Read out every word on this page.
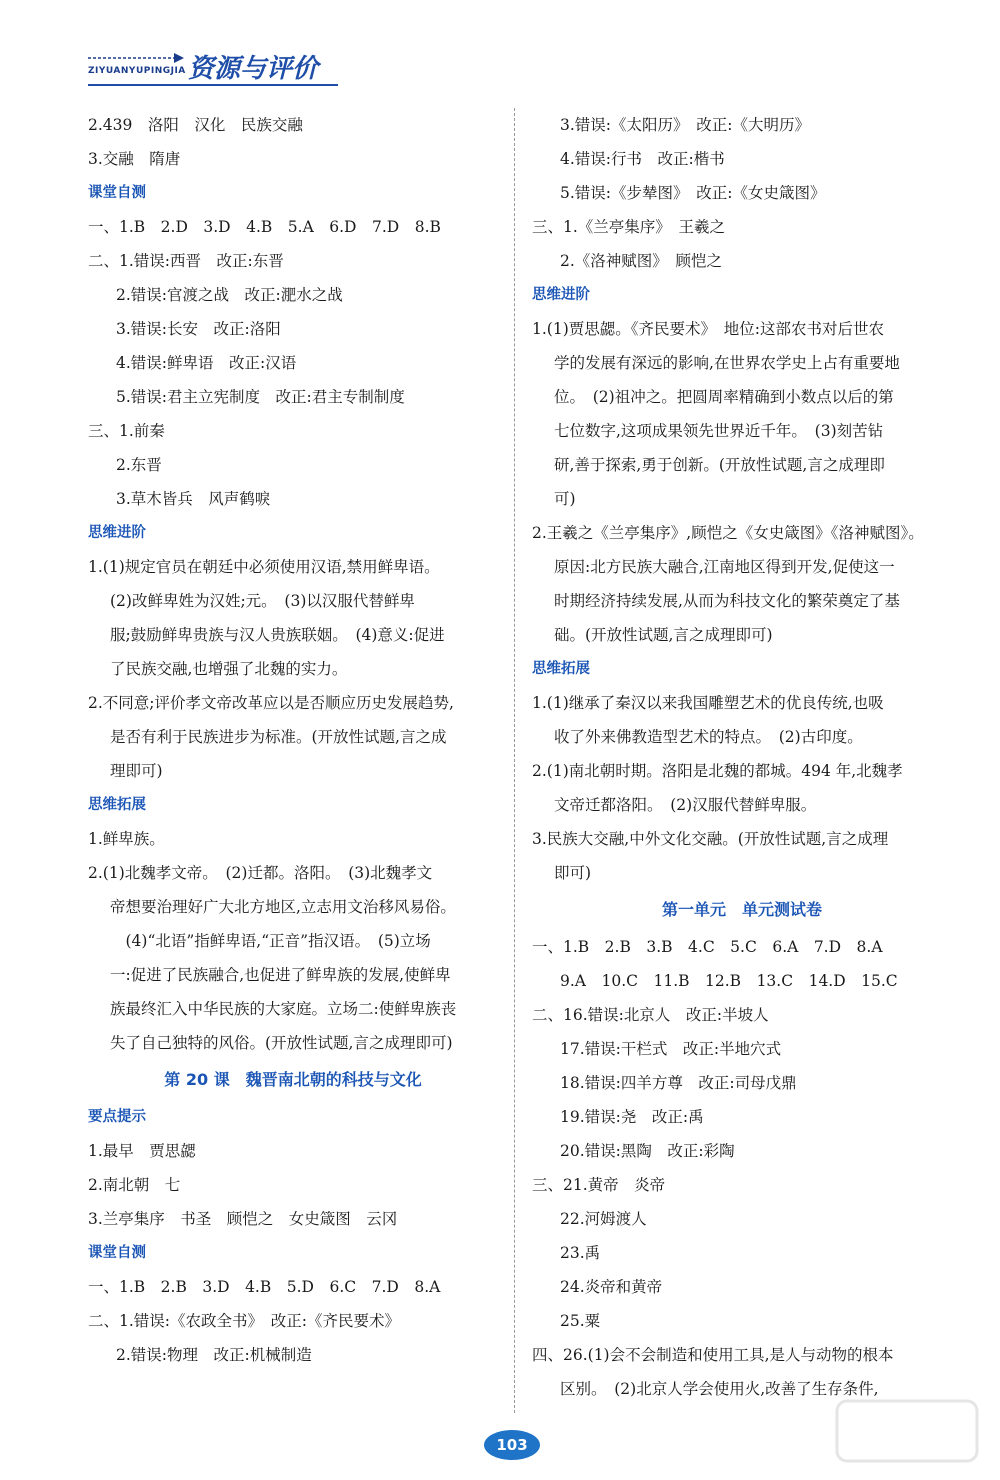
ZIYUANYUPINGJIA 资源与评价
2.439　洛阳　汉化　民族交融
3.交融　隋唐
课堂自测
一、1.B　2.D　3.D　4.B　5.A　6.D　7.D　8.B
二、1.错误:西晋　改正:东晋
2.错误:官渡之战　改正:淝水之战
3.错误:长安　改正:洛阳
4.错误:鲜卑语　改正:汉语
5.错误:君主立宪制度　改正:君主专制制度
三、1.前秦
2.东晋
3.草木皆兵　风声鹤唳
思维进阶
1.(1)规定官员在朝廷中必须使用汉语,禁用鲜卑语。
(2)改鲜卑姓为汉姓;元。　(3)以汉服代替鲜卑
服;鼓励鲜卑贵族与汉人贵族联姻。　(4)意义:促进
了民族交融,也增强了北魏的实力。
2.不同意;评价孝文帝改革应以是否顺应历史发展趋势,
是否有利于民族进步为标准。(开放性试题,言之成
理即可)
思维拓展
1.鲜卑族。
2.(1)北魏孝文帝。　(2)迁都。洛阳。　(3)北魏孝文
帝想要治理好广大北方地区,立志用文治移风易俗。
　(4)“北语”指鲜卑语,“正音”指汉语。　(5)立场
一:促进了民族融合,也促进了鲜卑族的发展,使鲜卑
族最终汇入中华民族的大家庭。立场二:使鲜卑族丧
失了自己独特的风俗。(开放性试题,言之成理即可)
第 20 课　魏晋南北朝的科技与文化
要点提示
1.最早　贾思勰
2.南北朝　七
3.兰亭集序　书圣　顾恺之　女史箴图　云冈
课堂自测
一、1.B　2.B　3.D　4.B　5.D　6.C　7.D　8.A
二、1.错误:《农政全书》　改正:《齐民要术》
2.错误:物理　改正:机械制造
3.错误:《太阳历》　改正:《大明历》
4.错误:行书　改正:楷书
5.错误:《步辇图》　改正:《女史箴图》
三、1.《兰亭集序》　王羲之
2.《洛神赋图》　顾恺之
思维进阶
1.(1)贾思勰。《齐民要术》　地位:这部农书对后世农
学的发展有深远的影响,在世界农学史上占有重要地
位。　(2)祖冲之。把圆周率精确到小数点以后的第
七位数字,这项成果领先世界近千年。　(3)刻苦钻
研,善于探索,勇于创新。(开放性试题,言之成理即
可)
2.王羲之《兰亭集序》,顾恺之《女史箴图》《洛神赋图》。
原因:北方民族大融合,江南地区得到开发,促使这一
时期经济持续发展,从而为科技文化的繁荣奠定了基
础。(开放性试题,言之成理即可)
思维拓展
1.(1)继承了秦汉以来我国雕塑艺术的优良传统,也吸
收了外来佛教造型艺术的特点。　(2)古印度。
2.(1)南北朝时期。洛阳是北魏的都城。494 年,北魏孝
文帝迁都洛阳。　(2)汉服代替鲜卑服。
3.民族大交融,中外文化交融。(开放性试题,言之成理
即可)
第一单元　单元测试卷
一、1.B　2.B　3.B　4.C　5.C　6.A　7.D　8.A
9.A　10.C　11.B　12.B　13.C　14.D　15.C
二、16.错误:北京人　改正:半坡人
17.错误:干栏式　改正:半地穴式
18.错误:四羊方尊　改正:司母戊鼎
19.错误:尧　改正:禹
20.错误:黑陶　改正:彩陶
三、21.黄帝　炎帝
22.河姆渡人
23.禹
24.炎帝和黄帝
25.粟
四、26.(1)会不会制造和使用工具,是人与动物的根本
区别。　(2)北京人学会使用火,改善了生存条件,
103
